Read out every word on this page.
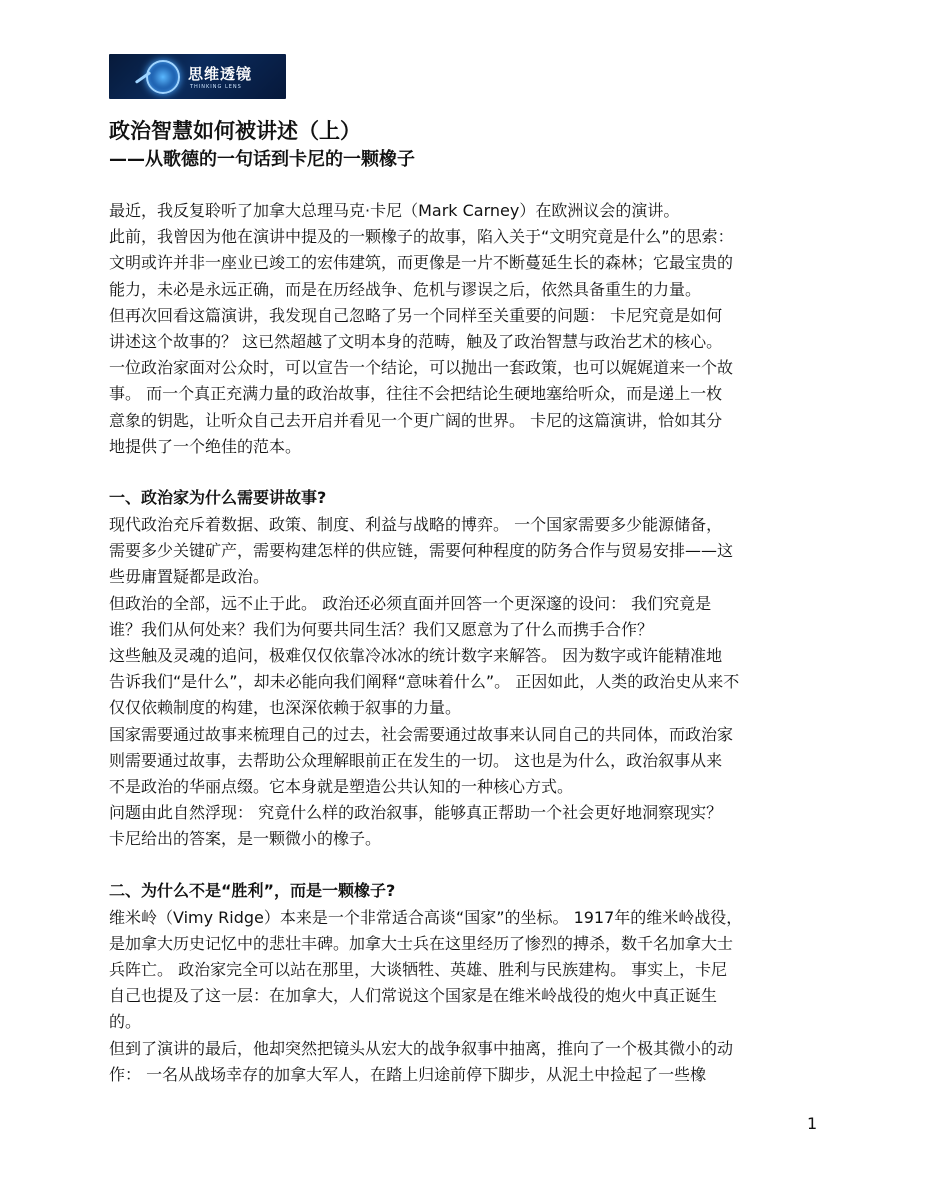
思维透镜
THINKING LENS
政治智慧如何被讲述（上）
——从歌德的一句话到卡尼的一颗橡子

最近，我反复聆听了加拿大总理马克·卡尼（Mark Carney）在欧洲议会的演讲。

此前，我曾因为他在演讲中提及的一颗橡子的故事，陷入关于“文明究竟是什么”的思索：

文明或许并非一座业已竣工的宏伟建筑，而更像是一片不断蔓延生长的森林；它最宝贵的

能力，未必是永远正确，而是在历经战争、危机与谬误之后，依然具备重生的力量。

但再次回看这篇演讲，我发现自己忽略了另一个同样至关重要的问题： 卡尼究竟是如何

讲述这个故事的？ 这已然超越了文明本身的范畴，触及了政治智慧与政治艺术的核心。

一位政治家面对公众时，可以宣告一个结论，可以抛出一套政策，也可以娓娓道来一个故

事。 而一个真正充满力量的政治故事，往往不会把结论生硬地塞给听众，而是递上一枚

意象的钥匙，让听众自己去开启并看见一个更广阔的世界。 卡尼的这篇演讲，恰如其分

地提供了一个绝佳的范本。

一、政治家为什么需要讲故事?

现代政治充斥着数据、政策、制度、利益与战略的博弈。 一个国家需要多少能源储备，

需要多少关键矿产，需要构建怎样的供应链，需要何种程度的防务合作与贸易安排——这

些毋庸置疑都是政治。

但政治的全部，远不止于此。 政治还必须直面并回答一个更深邃的设问： 我们究竟是

谁？我们从何处来？我们为何要共同生活？我们又愿意为了什么而携手合作？

这些触及灵魂的追问，极难仅仅依靠冷冰冰的统计数字来解答。 因为数字或许能精准地

告诉我们“是什么”，却未必能向我们阐释“意味着什么”。 正因如此，人类的政治史从来不

仅仅依赖制度的构建，也深深依赖于叙事的力量。

国家需要通过故事来梳理自己的过去，社会需要通过故事来认同自己的共同体，而政治家

则需要通过故事，去帮助公众理解眼前正在发生的一切。 这也是为什么，政治叙事从来

不是政治的华丽点缀。它本身就是塑造公共认知的一种核心方式。

问题由此自然浮现： 究竟什么样的政治叙事，能够真正帮助一个社会更好地洞察现实？

卡尼给出的答案，是一颗微小的橡子。

二、为什么不是“胜利”，而是一颗橡子?

维米岭（Vimy Ridge）本来是一个非常适合高谈“国家”的坐标。 1917年的维米岭战役，

是加拿大历史记忆中的悲壮丰碑。加拿大士兵在这里经历了惨烈的搏杀，数千名加拿大士

兵阵亡。 政治家完全可以站在那里，大谈牺牲、英雄、胜利与民族建构。 事实上，卡尼

自己也提及了这一层：在加拿大，人们常说这个国家是在维米岭战役的炮火中真正诞生

的。

但到了演讲的最后，他却突然把镜头从宏大的战争叙事中抽离，推向了一个极其微小的动

作： 一名从战场幸存的加拿大军人，在踏上归途前停下脚步，从泥土中捡起了一些橡

1
